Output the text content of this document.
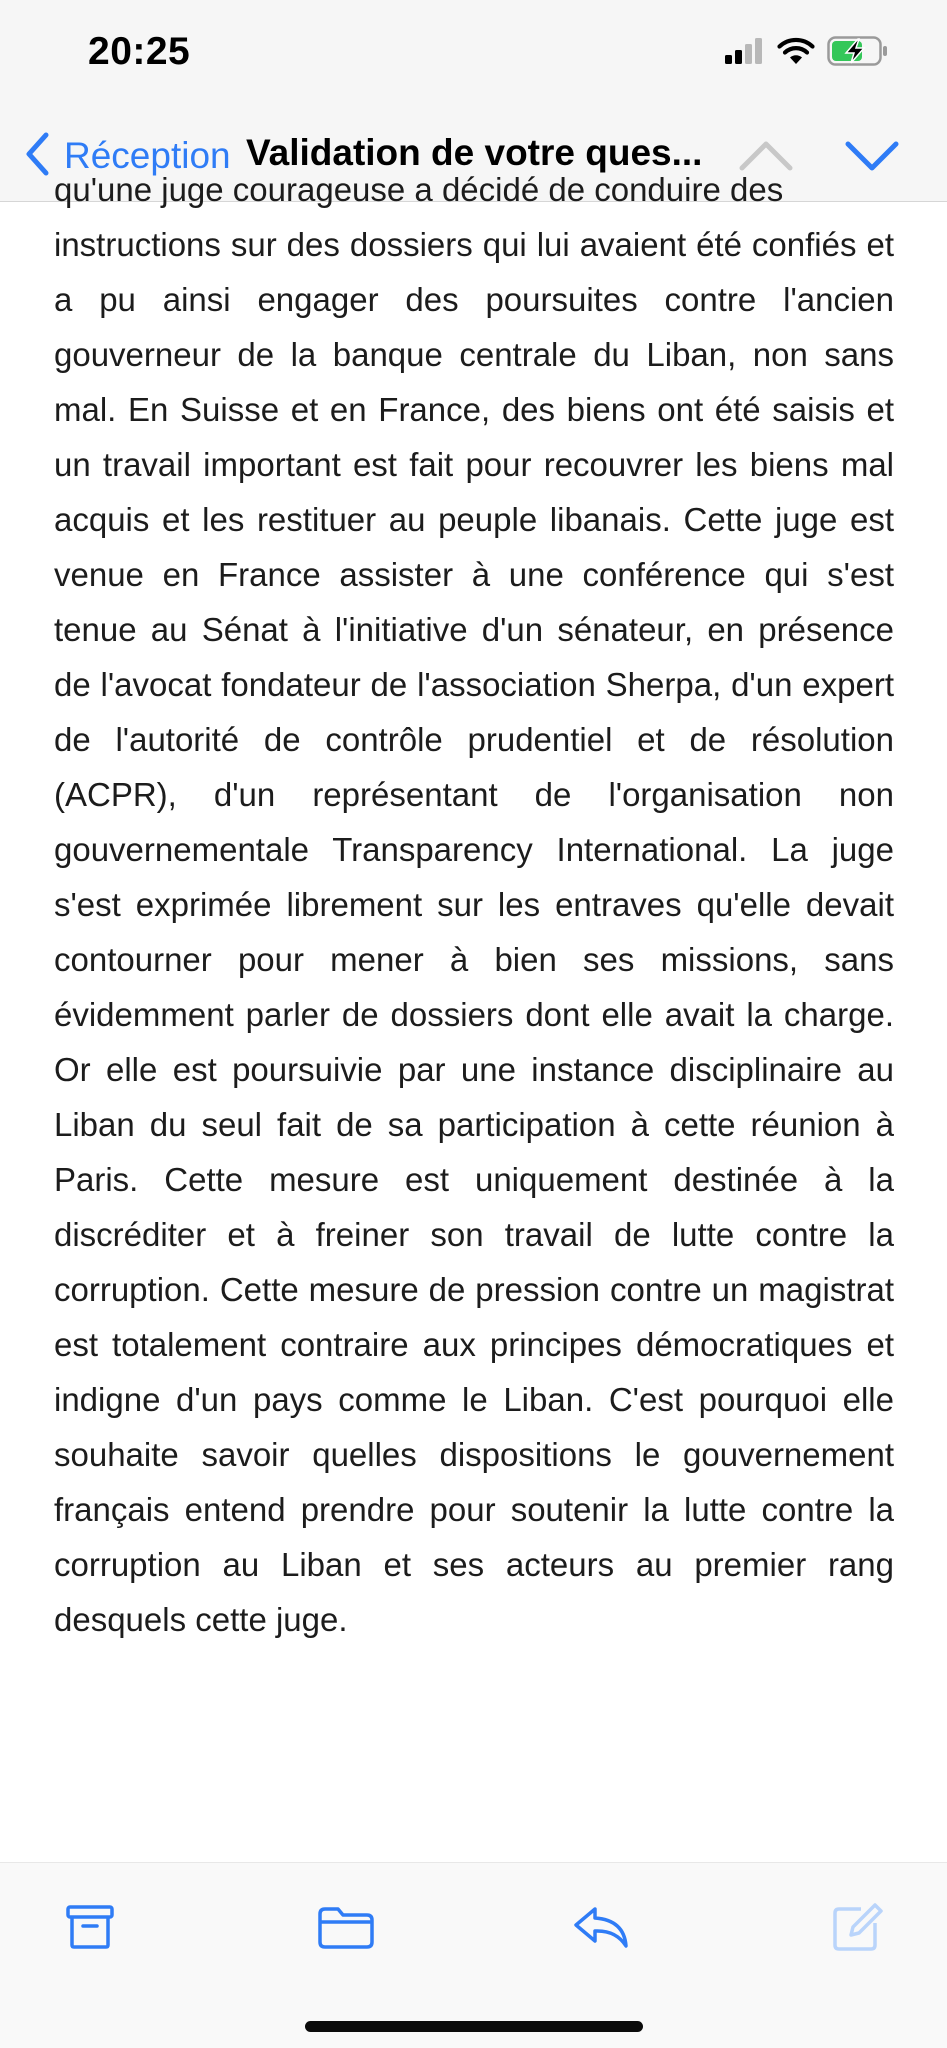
20:25
Réception Validation de votre ques...

qu'une juge courageuse a décidé de conduire des
instructions sur des dossiers qui lui avaient été confiés et a pu ainsi engager des poursuites contre l'ancien gouverneur de la banque centrale du Liban, non sans mal. En Suisse et en France, des biens ont été saisis et un travail important est fait pour recouvrer les biens mal acquis et les restituer au peuple libanais. Cette juge est venue en France assister à une conférence qui s'est tenue au Sénat à l'initiative d'un sénateur, en présence de l'avocat fondateur de l'association Sherpa, d'un expert de l'autorité de contrôle prudentiel et de résolution (ACPR), d'un représentant de l'organisation non gouvernementale Transparency International. La juge s'est exprimée librement sur les entraves qu'elle devait contourner pour mener à bien ses missions, sans évidemment parler de dossiers dont elle avait la charge. Or elle est poursuivie par une instance disciplinaire au Liban du seul fait de sa participation à cette réunion à Paris. Cette mesure est uniquement destinée à la discréditer et à freiner son travail de lutte contre la corruption. Cette mesure de pression contre un magistrat est totalement contraire aux principes démocratiques et indigne d'un pays comme le Liban. C'est pourquoi elle souhaite savoir quelles dispositions le gouvernement français entend prendre pour soutenir la lutte contre la corruption au Liban et ses acteurs au premier rang desquels cette juge.
